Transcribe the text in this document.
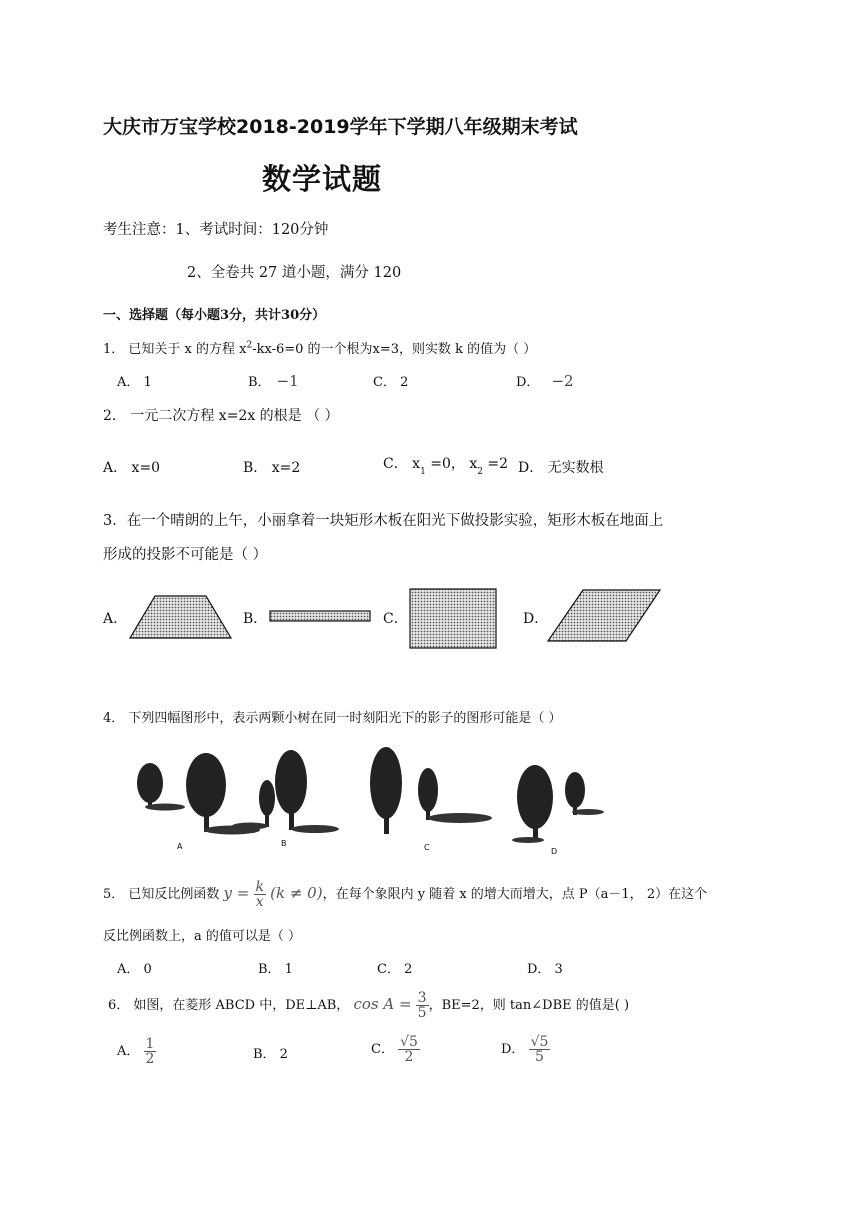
大庆市万宝学校2018-2019学年下学期八年级期末考试
数学试题
考生注意：1、考试时间：120分钟
2、全卷共 27 道小题，满分 120
一、选择题（每小题3分，共计30分）
1． 已知关于 x 的方程 $x^2-kx-6=0$ 的一个根为x=3，则实数 k 的值为（ ）
A． 1	B． −1	C． 2	D． −2
2． 一元二次方程 x=2x 的根是 （ ）
A． x=0	B． x=2	C． $x_1 =0$， $x_2 =2$ D． 无实数根
3．在一个晴朗的上午，小丽拿着一块矩形木板在阳光下做投影实验，矩形木板在地面上
形成的投影不可能是（ ）
A．	B．	C．	D．
4． 下列四幅图形中，表示两颗小树在同一时刻阳光下的影子的图形可能是（ ）
A	B	C	D
5． 已知反比例函数 $y = \frac{k}{x} (k \ne 0)$，在每个象限内 y 随着 x 的增大而增大，点 P（a－1， 2）在这个
反比例函数上，a 的值可以是（ ）
A． 0	B． 1	C． 2	D． 3
6． 如图，在菱形 ABCD 中，DE⊥AB， $\cos A = \frac{3}{5}$ ，BE=2，则 tan∠DBE 的值是( )
A． $\frac{1}{2}$	B． 2	C． $\frac{√5}{2}$	D． $\frac{√5}{5}$
